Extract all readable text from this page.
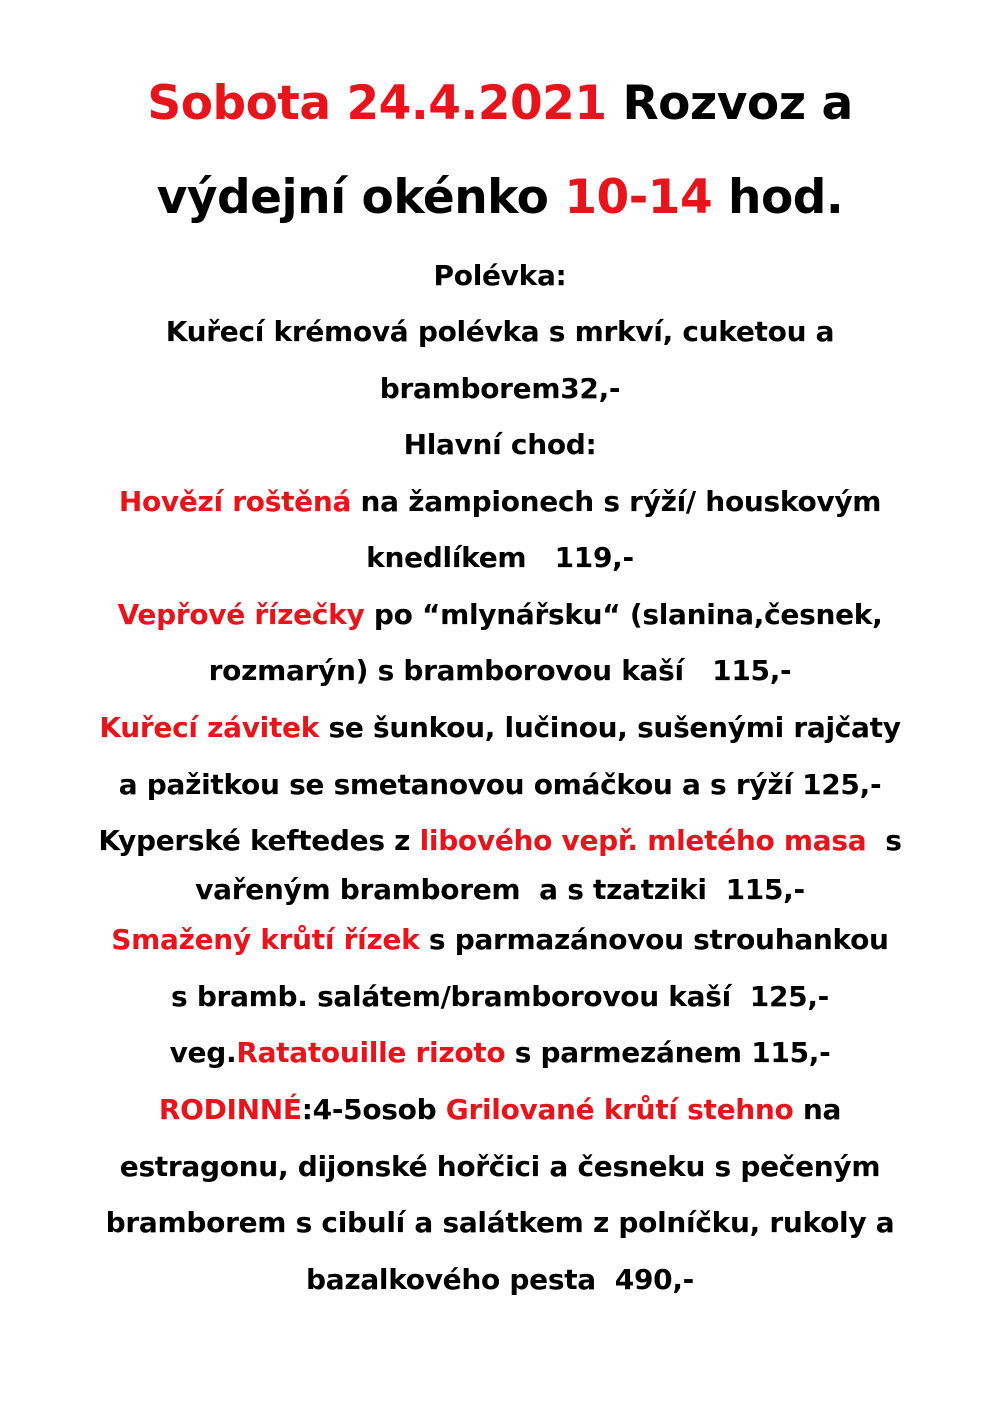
Sobota 24.4.2021 Rozvoz a
výdejní okénko 10-14 hod.
Polévka:
Kuřecí krémová polévka s mrkví, cuketou a
bramborem32,-
Hlavní chod:
Hovězí roštěná na žampionech s rýží/ houskovým
knedlíkem   119,-
Vepřové řízečky po “mlynářsku“ (slanina,česnek,
rozmarýn) s bramborovou kaší   115,-
Kuřecí závitek se šunkou, lučinou, sušenými rajčaty
a pažitkou se smetanovou omáčkou a s rýží 125,-
Kyperské keftedes z libového vepř. mletého masa  s
vařeným bramborem  a s tzatziki  115,-
Smažený krůtí řízek s parmazánovou strouhankou
s bramb. salátem/bramborovou kaší  125,-
veg.Ratatouille rizoto s parmezánem 115,-
RODINNÉ:4-5osob Grilované krůtí stehno na
estragonu, dijonské hořčici a česneku s pečeným
bramborem s cibulí a salátkem z polníčku, rukoly a
bazalkového pesta  490,-
